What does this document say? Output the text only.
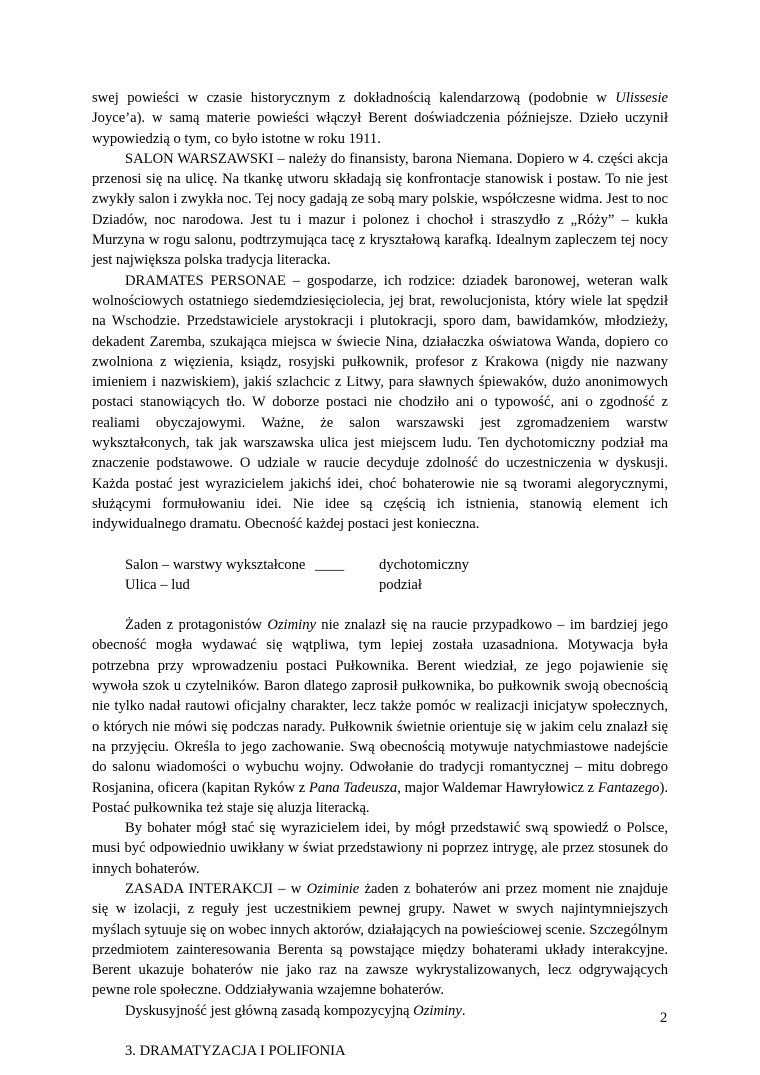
swej powieści w czasie historycznym z dokładnością kalendarzową (podobnie w Ulissesie Joyce’a). w samą materie powieści włączył Berent doświadczenia późniejsze. Dzieło uczynił wypowiedzią o tym, co było istotne w roku 1911.

SALON WARSZAWSKI – należy do finansisty, barona Niemana. Dopiero w 4. części akcja przenosi się na ulicę. Na tkankę utworu składają się konfrontacje stanowisk i postaw. To nie jest zwykły salon i zwykła noc. Tej nocy gadają ze sobą mary polskie, współczesne widma. Jest to noc Dziadów, noc narodowa. Jest tu i mazur i polonez i chochoł i straszydło z „Róży” – kukła Murzyna w rogu salonu, podtrzymująca tacę z kryształową karafką. Idealnym zapleczem tej nocy jest największa polska tradycja literacka.

DRAMATES PERSONAE – gospodarze, ich rodzice: dziadek baronowej, weteran walk wolnościowych ostatniego siedemdziesięciolecia, jej brat, rewolucjonista, który wiele lat spędził na Wschodzie. Przedstawiciele arystokracji i plutokracji, sporo dam, bawidamków, młodzieży, dekadent Zaremba, szukająca miejsca w świecie Nina, działaczka oświatowa Wanda, dopiero co zwolniona z więzienia, ksiądz, rosyjski pułkownik, profesor z Krakowa (nigdy nie nazwany imieniem i nazwiskiem), jakiś szlachcic z Litwy, para sławnych śpiewaków, dużo anonimowych postaci stanowiących tło. W doborze postaci nie chodziło ani o typowość, ani o zgodność z realiami obyczajowymi. Ważne, że salon warszawski jest zgromadzeniem warstw wykształconych, tak jak warszawska ulica jest miejscem ludu. Ten dychotomiczny podział ma znaczenie podstawowe. O udziale w raucie decyduje zdolność do uczestniczenia w dyskusji. Każda postać jest wyrazicielem jakichś idei, choć bohaterowie nie są tworami alegorycznymi, służącymi formułowaniu idei. Nie idee są częścią ich istnienia, stanowią element ich indywidualnego dramatu. Obecność każdej postaci jest konieczna.

Salon – warstwy wykształcone ____	dychotomiczny
Ulica – lud	podział

Żaden z protagonistów Oziminy nie znalazł się na raucie przypadkowo – im bardziej jego obecność mogła wydawać się wątpliwa, tym lepiej została uzasadniona. Motywacja była potrzebna przy wprowadzeniu postaci Pułkownika. Berent wiedział, ze jego pojawienie się wywoła szok u czytelników. Baron dlatego zaprosił pułkownika, bo pułkownik swoją obecnością nie tylko nadał rautowi oficjalny charakter, lecz także pomóc w realizacji inicjatyw społecznych, o których nie mówi się podczas narady. Pułkownik świetnie orientuje się w jakim celu znalazł się na przyjęciu. Określa to jego zachowanie. Swą obecnością motywuje natychmiastowe nadejście do salonu wiadomości o wybuchu wojny. Odwołanie do tradycji romantycznej – mitu dobrego Rosjanina, oficera (kapitan Ryków z Pana Tadeusza, major Waldemar Hawryłowicz z Fantazego). Postać pułkownika też staje się aluzja literacką.

By bohater mógł stać się wyrazicielem idei, by mógł przedstawić swą spowiedź o Polsce, musi być odpowiednio uwikłany w świat przedstawiony ni poprzez intrygę, ale przez stosunek do innych bohaterów.

ZASADA INTERAKCJI – w Oziminie żaden z bohaterów ani przez moment nie znajduje się w izolacji, z reguły jest uczestnikiem pewnej grupy. Nawet w swych najintymniejszych myślach sytuuje się on wobec innych aktorów, działających na powieściowej scenie. Szczególnym przedmiotem zainteresowania Berenta są powstające między bohaterami układy interakcyjne. Berent ukazuje bohaterów nie jako raz na zawsze wykrystalizowanych, lecz odgrywających pewne role społeczne. Oddziaływania wzajemne bohaterów.

Dyskusyjność jest główną zasadą kompozycyjną Oziminy.

3. DRAMATYZACJA I POLIFONIA

2
